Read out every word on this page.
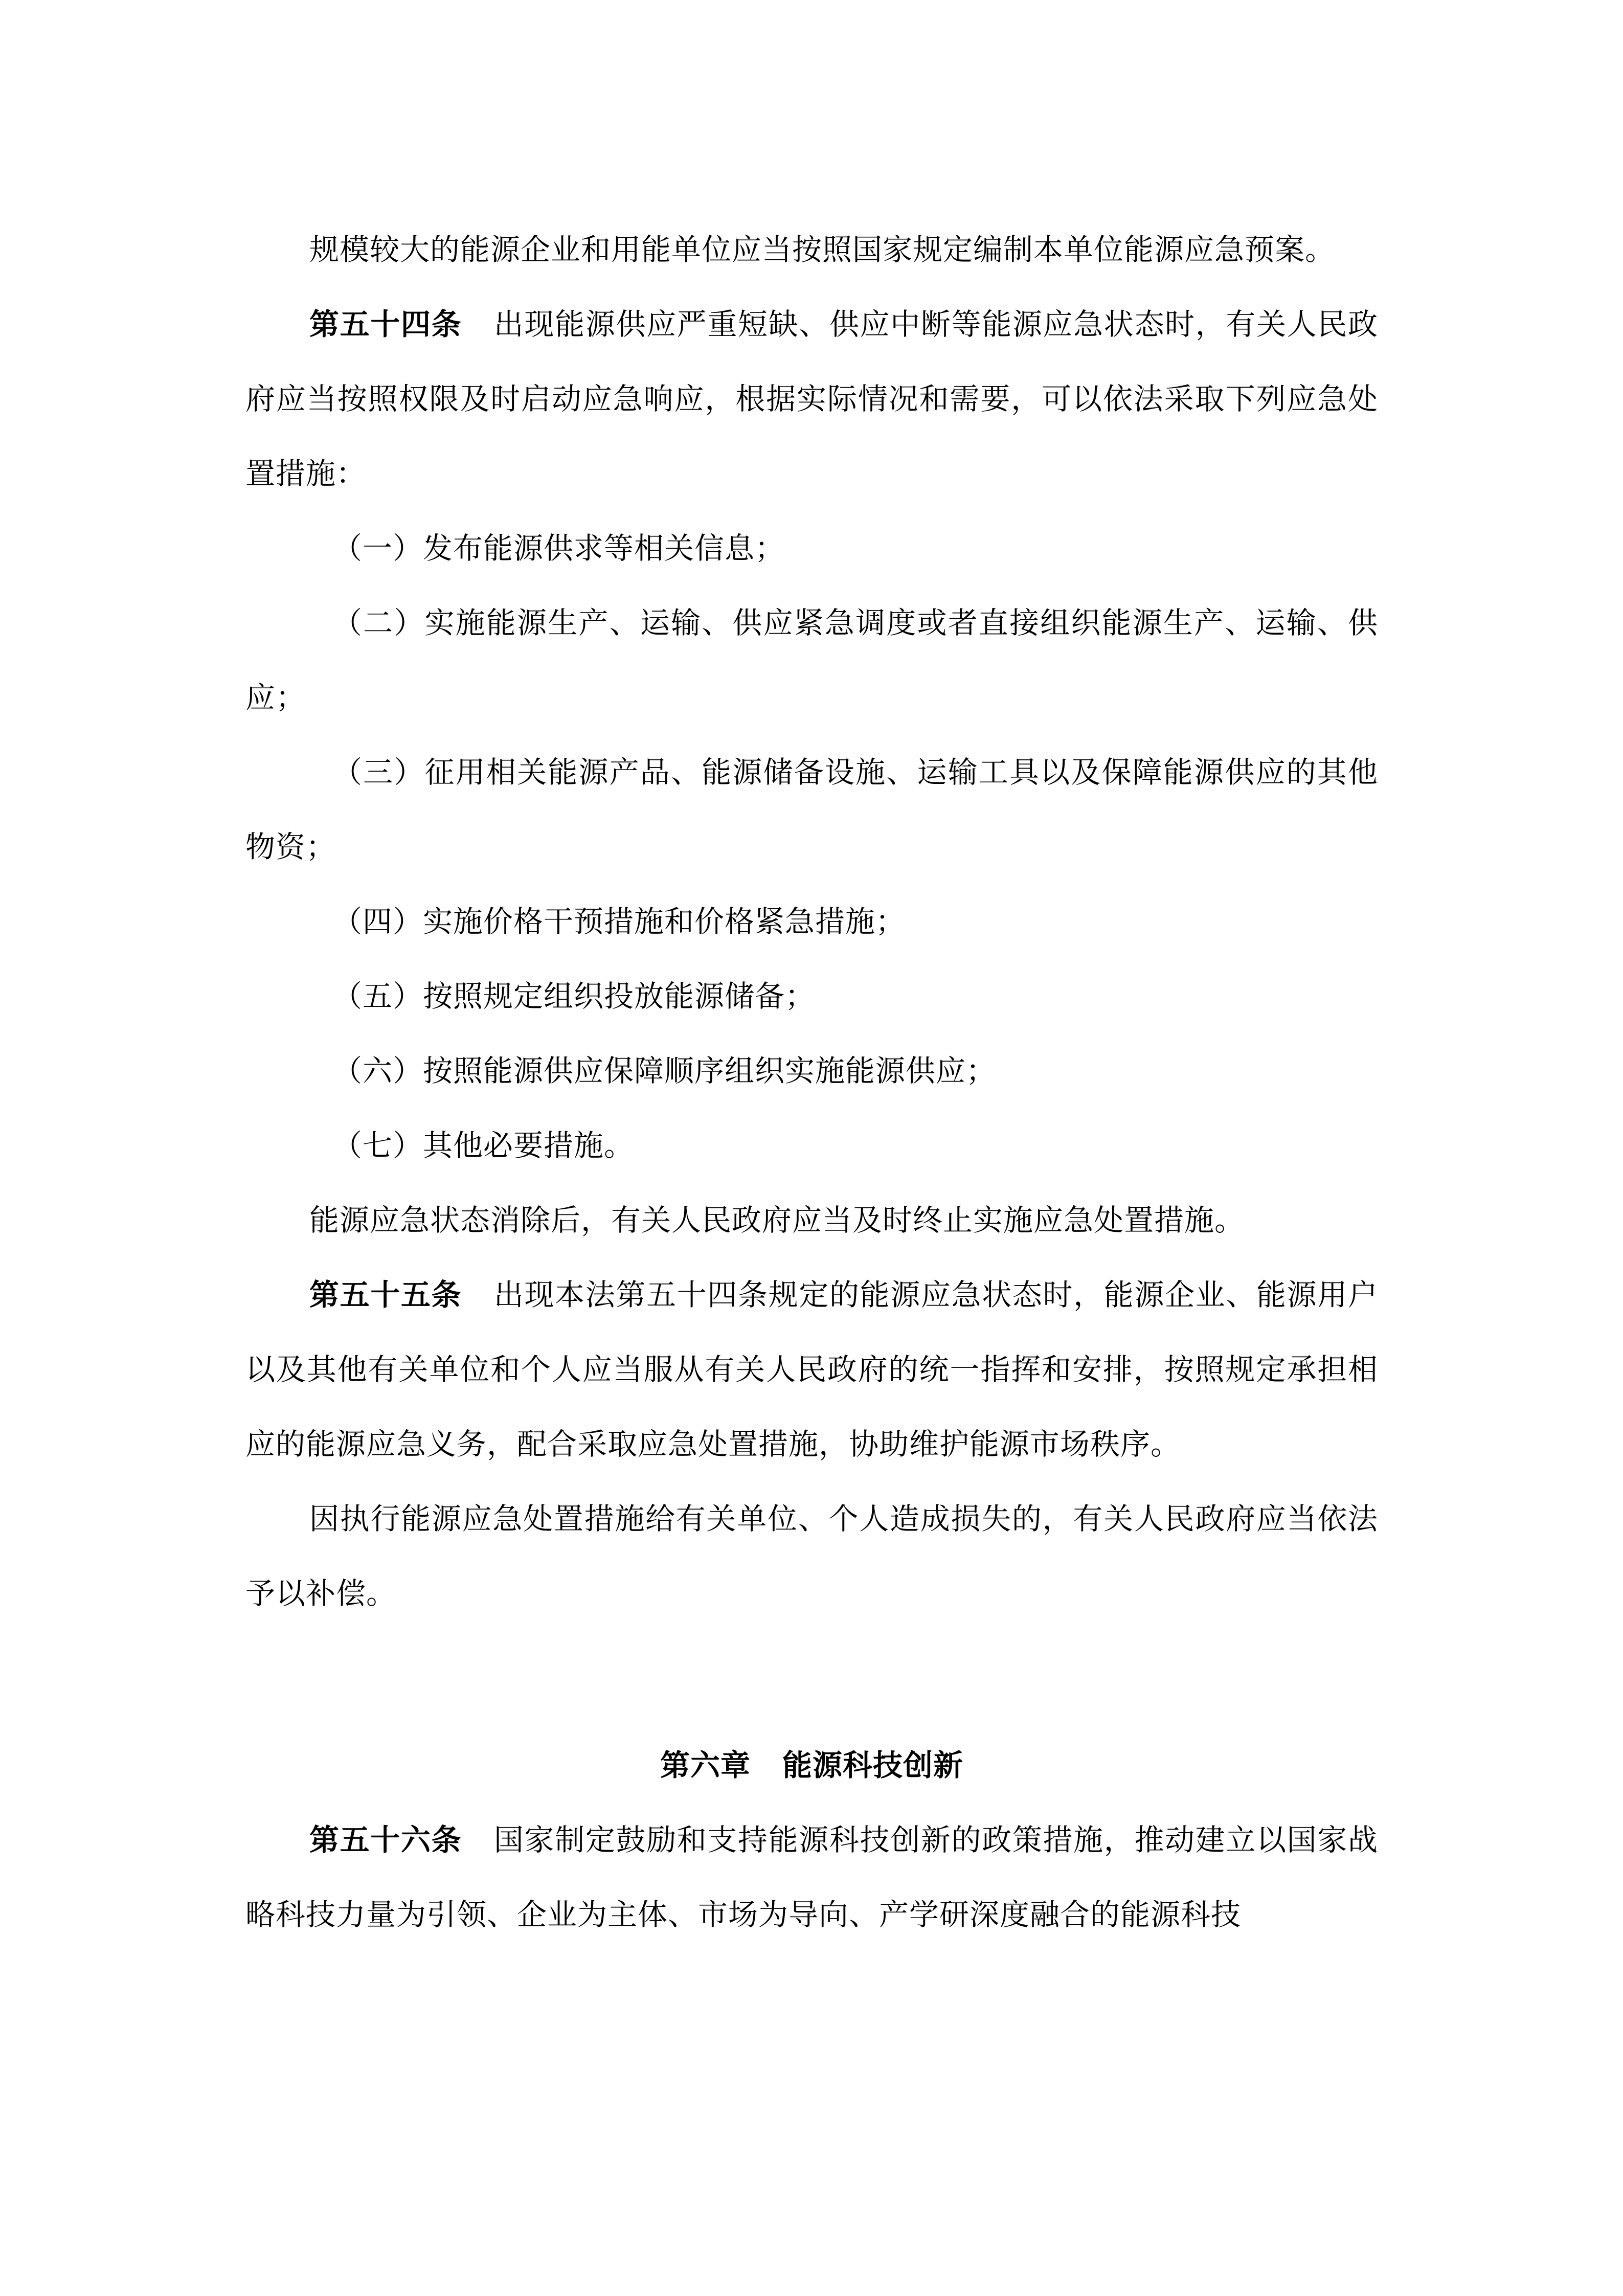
规模较大的能源企业和用能单位应当按照国家规定编制本单位能源应急预案。

第五十四条 出现能源供应严重短缺、供应中断等能源应急状态时，有关人民政府应当按照权限及时启动应急响应，根据实际情况和需要，可以依法采取下列应急处置措施：

（一）发布能源供求等相关信息；

（二）实施能源生产、运输、供应紧急调度或者直接组织能源生产、运输、供应；

（三）征用相关能源产品、能源储备设施、运输工具以及保障能源供应的其他物资；

（四）实施价格干预措施和价格紧急措施；

（五）按照规定组织投放能源储备；

（六）按照能源供应保障顺序组织实施能源供应；

（七）其他必要措施。

能源应急状态消除后，有关人民政府应当及时终止实施应急处置措施。

第五十五条 出现本法第五十四条规定的能源应急状态时，能源企业、能源用户以及其他有关单位和个人应当服从有关人民政府的统一指挥和安排，按照规定承担相应的能源应急义务，配合采取应急处置措施，协助维护能源市场秩序。

因执行能源应急处置措施给有关单位、个人造成损失的，有关人民政府应当依法予以补偿。

第六章 能源科技创新

第五十六条 国家制定鼓励和支持能源科技创新的政策措施，推动建立以国家战略科技力量为引领、企业为主体、市场为导向、产学研深度融合的能源科技
